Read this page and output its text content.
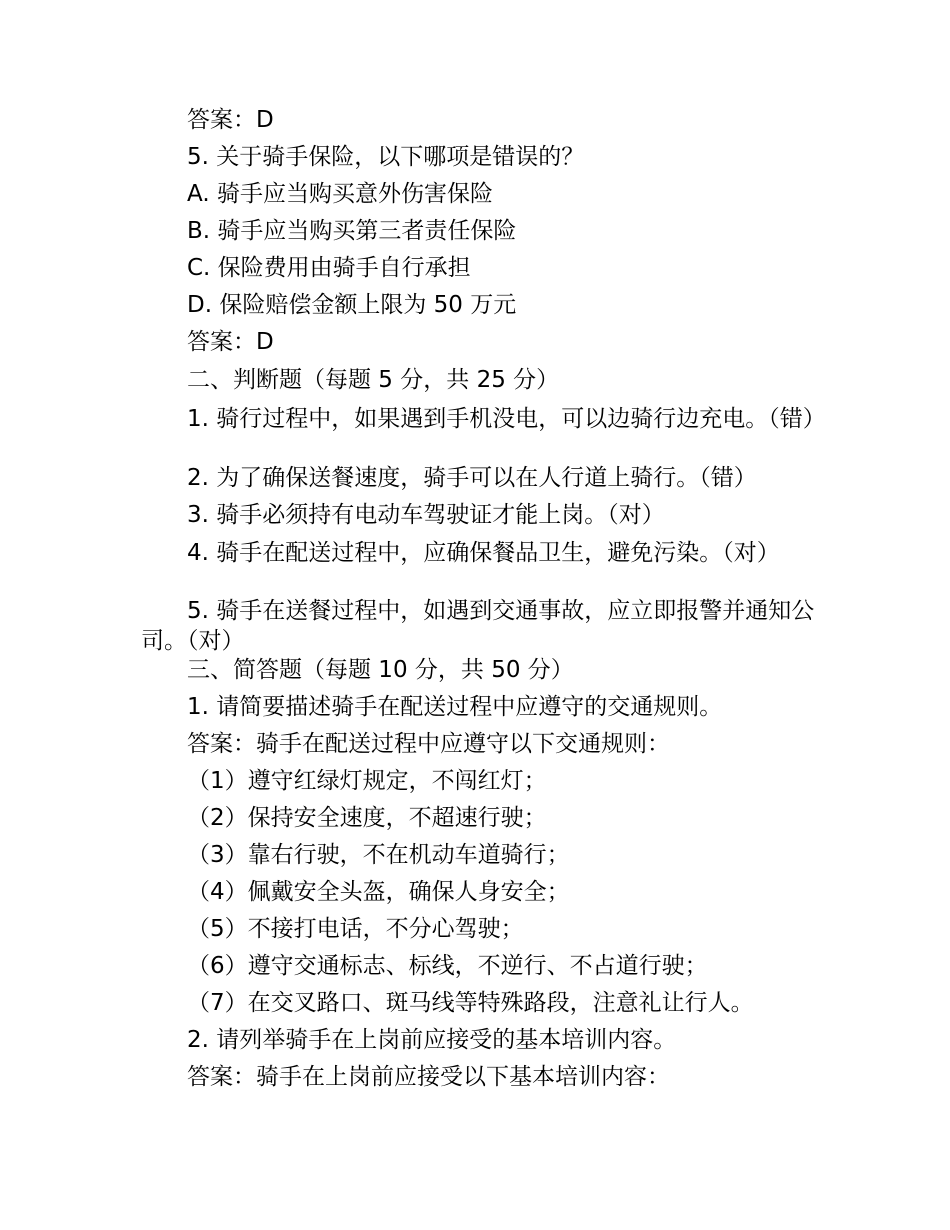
答案：D
5. 关于骑手保险，以下哪项是错误的？
A. 骑手应当购买意外伤害保险
B. 骑手应当购买第三者责任保险
C. 保险费用由骑手自行承担
D. 保险赔偿金额上限为 50 万元
答案：D
二、判断题（每题 5 分，共 25 分）
1. 骑行过程中，如果遇到手机没电，可以边骑行边充电。（错）
2. 为了确保送餐速度，骑手可以在人行道上骑行。（错）
3. 骑手必须持有电动车驾驶证才能上岗。（对）
4. 骑手在配送过程中，应确保餐品卫生，避免污染。（对）
5. 骑手在送餐过程中，如遇到交通事故，应立即报警并通知公司。（对）
三、简答题（每题 10 分，共 50 分）
1. 请简要描述骑手在配送过程中应遵守的交通规则。
答案：骑手在配送过程中应遵守以下交通规则：
（1）遵守红绿灯规定，不闯红灯；
（2）保持安全速度，不超速行驶；
（3）靠右行驶，不在机动车道骑行；
（4）佩戴安全头盔，确保人身安全；
（5）不接打电话，不分心驾驶；
（6）遵守交通标志、标线，不逆行、不占道行驶；
（7）在交叉路口、斑马线等特殊路段，注意礼让行人。
2. 请列举骑手在上岗前应接受的基本培训内容。
答案：骑手在上岗前应接受以下基本培训内容：
